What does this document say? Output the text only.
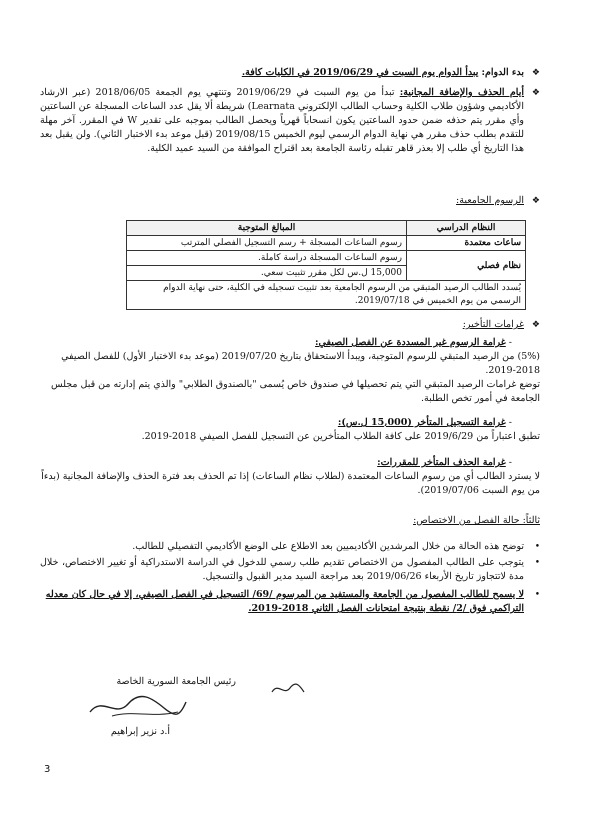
❖
بدء الدوام: يبدأ الدوام يوم السبت في 2019/06/29 في الكليات كافة.
❖
أيام الحذف والإضافة المجانية: تبدأ من يوم السبت في 2019/06/29 وتنتهي يوم الجمعة 2018/06/05 (عبر الارشاد الأكاديمي وشؤون طلاب الكلية وحساب الطالب الإلكتروني Learnata) شريطة ألا يقل عدد الساعات المسجلة عن الساعتين وأي مقرر يتم حذفه ضمن حدود الساعتين يكون انسحاباً قهرياً ويحصل الطالب بموجبه على تقدير W في المقرر. آخر مهلة للتقدم بطلب حذف مقرر هي نهاية الدوام الرسمي ليوم الخميس 2019/08/15 (قبل موعد بدء الاختبار الثاني). ولن يقبل بعد هذا التاريخ أي طلب إلا بعذر قاهر تقبله رئاسة الجامعة بعد اقتراح الموافقة من السيد عميد الكلية.
❖
الرسوم الجامعية:
النظام الدراسي	المبالغ المتوجبة
ساعات معتمدة	رسوم الساعات المسجلة + رسم التسجيل الفصلي المترتب
نظام فصلي	رسوم الساعات المسجلة دراسة كاملة.
	15,000 ل.س لكل مقرر تثبيت سعي.
يُسدد الطالب الرصيد المتبقي من الرسوم الجامعية بعد تثبيت تسجيله في الكلية، حتى نهاية الدوام الرسمي من يوم الخميس في 2019/07/18.
❖
غرامات التأخير:
- غرامة الرسوم غير المسددة عن الفصل الصيفي:
(5%) من الرصيد المتبقي للرسوم المتوجبة، ويبدأ الاستحقاق بتاريخ 2019/07/20 (موعد بدء الاختبار الأول) للفصل الصيفي 2018-2019.
توضع غرامات الرصيد المتبقي التي يتم تحصيلها في صندوق خاص يُسمى "بالصندوق الطلابي" والذي يتم إدارته من قبل مجلس الجامعة في أمور تخص الطلبة.
- غرامة التسجيل المتأخر (15,000 ل.س):
تطبق اعتباراً من 2019/6/29 على كافة الطلاب المتأخرين عن التسجيل للفصل الصيفي 2018-2019.
- غرامة الحذف المتأخر للمقررات:
لا يسترد الطالب أي من رسوم الساعات المعتمدة (لطلاب نظام الساعات) إذا تم الحذف بعد فترة الحذف والإضافة المجانية (بدءاً من يوم السبت 2019/07/06).
ثالثاً: حالة الفصل من الاختصاص:
•
توضح هذه الحالة من خلال المرشدين الأكاديميين بعد الاطلاع على الوضع الأكاديمي التفصيلي للطالب.
•
يتوجب على الطالب المفصول من الاختصاص تقديم طلب رسمي للدخول في الدراسة الاستدراكية أو تغيير الاختصاص، خلال مدة لاتتجاوز تاريخ الأربعاء 2019/06/26 بعد مراجعة السيد مدير القبول والتسجيل.
•
لا يسمح للطالب المفصول من الجامعة والمستفيد من المرسوم /69/ التسجيل في الفصل الصيفي، إلا في حال كان معدله التراكمي فوق /2/ نقطة بنتيجة امتحانات الفصل الثاني 2018-2019.
رئيس الجامعة السورية الخاصة
أ.د نزير إبراهيم
3
